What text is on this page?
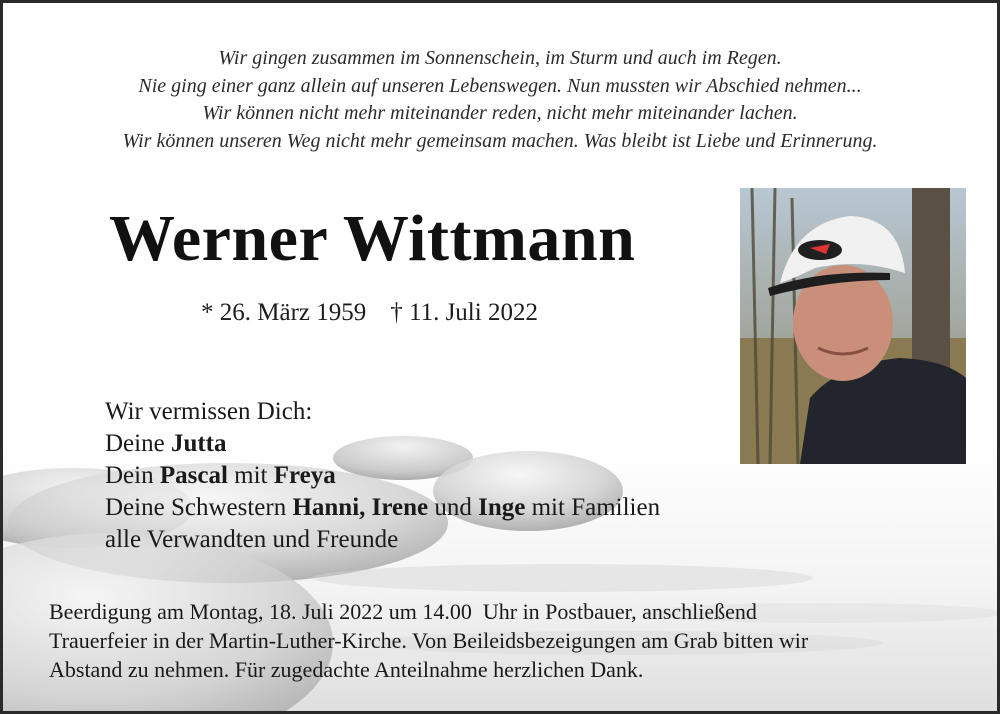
Wir gingen zusammen im Sonnenschein, im Sturm und auch im Regen.
Nie ging einer ganz allein auf unseren Lebenswegen. Nun mussten wir Abschied nehmen...
Wir können nicht mehr miteinander reden, nicht mehr miteinander lachen.
Wir können unseren Weg nicht mehr gemeinsam machen. Was bleibt ist Liebe und Erinnerung.
Werner Wittmann
* 26. März 1959 † 11. Juli 2022
Wir vermissen Dich:
Deine Jutta
Dein Pascal mit Freya
Deine Schwestern Hanni, Irene und Inge mit Familien
alle Verwandten und Freunde
Beerdigung am Montag, 18. Juli 2022 um 14.00  Uhr in Postbauer, anschließend
Trauerfeier in der Martin-Luther-Kirche. Von Beileidsbezeigungen am Grab bitten wir
Abstand zu nehmen. Für zugedachte Anteilnahme herzlichen Dank.
